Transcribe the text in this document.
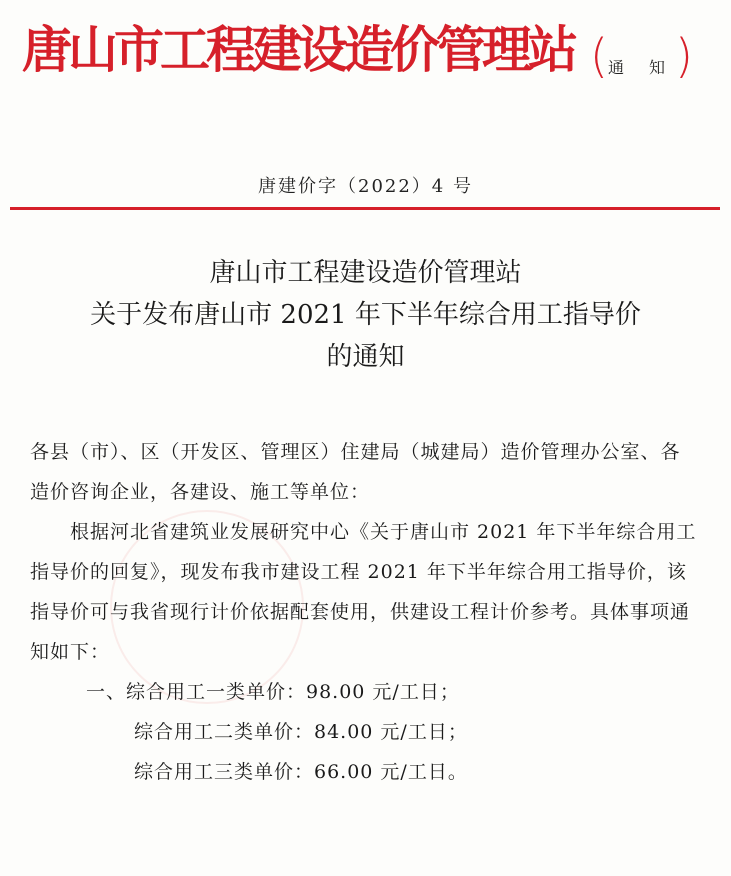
唐山市工程建设造价管理站 ($^{通 知}$)
唐建价字（2022）4 号
唐山市工程建设造价管理站
关于发布唐山市 2021 年下半年综合用工指导价
的通知
各县（市）、区（开发区、管理区）住建局（城建局）造价管理办公室、各造价咨询企业，各建设、施工等单位：
根据河北省建筑业发展研究中心《关于唐山市 2021 年下半年综合用工指导价的回复》，现发布我市建设工程 2021 年下半年综合用工指导价，该指导价可与我省现行计价依据配套使用，供建设工程计价参考。具体事项通知如下：
一、综合用工一类单价：98.00 元/工日；
综合用工二类单价：84.00 元/工日；
综合用工三类单价：66.00 元/工日。
